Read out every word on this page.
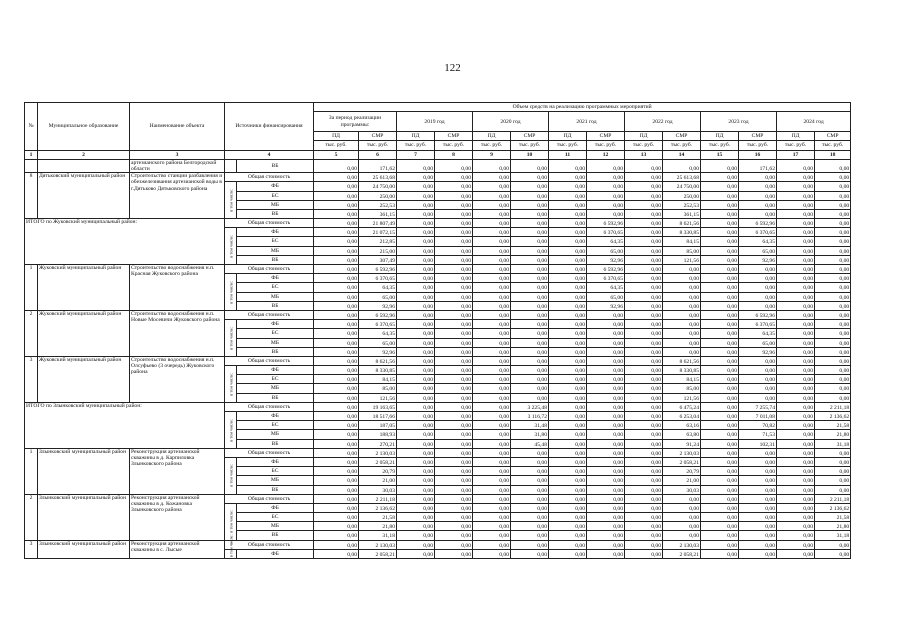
122
№	Муниципальное образование	Наименование объекта	Источники финансирования		Объем средств на реализацию программных мероприятий													
					За период реализации программы:		2019 год		2020 год		2021 год		2022 год		2023 год		2024 год	
					ПД	СМР	ПД	СМР	ПД	СМР	ПД	СМР	ПД	СМР	ПД	СМР	ПД	СМР
					тыс. руб.	тыс. руб.	тыс. руб.	тыс. руб.	тыс. руб.	тыс. руб.	тыс. руб.	тыс. руб.	тыс. руб.	тыс. руб.	тыс. руб.	тыс. руб.	тыс. руб.	тыс. руб.
1	2	3	4		5	6	7	8	9	10	11	12	13	14	15	16	17	18
		артезианского района Белгородской области		ВБ	0,00	171,62	0,00	0,00	0,00	0,00	0,00	0,00	0,00	0,00	0,00	171,62	0,00	0,00
8	Дятьковский муниципальный район	Строительство станции разбавления и обезжелезивания артезианской воды в г.Дятьково Дятьковского района	Общая стоимость		0,00	25 613,68	0,00	0,00	0,00	0,00	0,00	0,00	0,00	25 613,68	0,00	0,00	0,00	0,00
			в том числе:	ФБ	0,00	24 750,00	0,00	0,00	0,00	0,00	0,00	0,00	0,00	24 750,00	0,00	0,00	0,00	0,00
				БС	0,00	250,00	0,00	0,00	0,00	0,00	0,00	0,00	0,00	250,00	0,00	0,00	0,00	0,00
				МБ	0,00	252,53	0,00	0,00	0,00	0,00	0,00	0,00	0,00	252,53	0,00	0,00	0,00	0,00
				ВБ	0,00	361,15	0,00	0,00	0,00	0,00	0,00	0,00	0,00	361,15	0,00	0,00	0,00	0,00
ИТОГО по Жуковский муниципальный район:			Общая стоимость		0,00	21 807,49	0,00	0,00	0,00	0,00	0,00	6 592,96	0,00	8 621,56	0,00	6 592,96	0,00	0,00
			в том числе:	ФБ	0,00	21 072,15	0,00	0,00	0,00	0,00	0,00	6 370,65	0,00	8 330,85	0,00	6 370,65	0,00	0,00
				БС	0,00	212,85	0,00	0,00	0,00	0,00	0,00	64,35	0,00	84,15	0,00	64,35	0,00	0,00
				МБ	0,00	215,00	0,00	0,00	0,00	0,00	0,00	65,00	0,00	85,00	0,00	65,00	0,00	0,00
				ВБ	0,00	307,49	0,00	0,00	0,00	0,00	0,00	92,96	0,00	121,56	0,00	92,96	0,00	0,00
1	Жуковский муниципальный район	Строительство водоснабжения н.п. Красная Жуковского района	Общая стоимость		0,00	6 592,96	0,00	0,00	0,00	0,00	0,00	6 592,96	0,00	0,00	0,00	0,00	0,00	0,00
			в том числе:	ФБ	0,00	6 370,65	0,00	0,00	0,00	0,00	0,00	6 370,65	0,00	0,00	0,00	0,00	0,00	0,00
				БС	0,00	64,35	0,00	0,00	0,00	0,00	0,00	64,35	0,00	0,00	0,00	0,00	0,00	0,00
				МБ	0,00	65,00	0,00	0,00	0,00	0,00	0,00	65,00	0,00	0,00	0,00	0,00	0,00	0,00
				ВБ	0,00	92,96	0,00	0,00	0,00	0,00	0,00	92,96	0,00	0,00	0,00	0,00	0,00	0,00
2	Жуковский муниципальный район	Строительство водоснабжения н.п. Новые Мосевичи Жуковского района	Общая стоимость		0,00	6 592,96	0,00	0,00	0,00	0,00	0,00	0,00	0,00	0,00	0,00	6 592,96	0,00	0,00
			в том числе:	ФБ	0,00	6 370,65	0,00	0,00	0,00	0,00	0,00	0,00	0,00	0,00	0,00	6 370,65	0,00	0,00
				БС	0,00	64,35	0,00	0,00	0,00	0,00	0,00	0,00	0,00	0,00	0,00	64,35	0,00	0,00
				МБ	0,00	65,00	0,00	0,00	0,00	0,00	0,00	0,00	0,00	0,00	0,00	65,00	0,00	0,00
				ВБ	0,00	92,96	0,00	0,00	0,00	0,00	0,00	0,00	0,00	0,00	0,00	92,96	0,00	0,00
3	Жуковский муниципальный район	Строительство водоснабжения н.п. Олсуфьево (3 очередь) Жуковского района	Общая стоимость		0,00	8 621,56	0,00	0,00	0,00	0,00	0,00	0,00	0,00	8 621,56	0,00	0,00	0,00	0,00
			в том числе:	ФБ	0,00	8 330,85	0,00	0,00	0,00	0,00	0,00	0,00	0,00	8 330,85	0,00	0,00	0,00	0,00
				БС	0,00	84,15	0,00	0,00	0,00	0,00	0,00	0,00	0,00	84,15	0,00	0,00	0,00	0,00
				МБ	0,00	85,00	0,00	0,00	0,00	0,00	0,00	0,00	0,00	85,00	0,00	0,00	0,00	0,00
				ВБ	0,00	121,56	0,00	0,00	0,00	0,00	0,00	0,00	0,00	121,56	0,00	0,00	0,00	0,00
ИТОГО по Злынковский муниципальный район:			Общая стоимость		0,00	19 163,65	0,00	0,00	0,00	3 225,48	0,00	0,00	0,00	6 475,24	0,00	7 255,74	0,00	2 211,18
			в том числе:	ФБ	0,00	18 517,66	0,00	0,00	0,00	3 116,72	0,00	0,00	0,00	6 253,04	0,00	7 011,08	0,00	2 136,62
				БС	0,00	187,05	0,00	0,00	0,00	31,48	0,00	0,00	0,00	63,16	0,00	70,82	0,00	21,58
				МБ	0,00	188,93	0,00	0,00	0,00	31,80	0,00	0,00	0,00	63,80	0,00	71,53	0,00	21,80
				ВБ	0,00	270,21	0,00	0,00	0,00	45,48	0,00	0,00	0,00	91,24	0,00	102,31	0,00	31,18
1	Злынковский муниципальный район	Реконструкция артезианской скважины в д. Карпиловка Злынковского района	Общая стоимость		0,00	2 130,03	0,00	0,00	0,00	0,00	0,00	0,00	0,00	2 130,03	0,00	0,00	0,00	0,00
			в том числе:	ФБ	0,00	2 058,21	0,00	0,00	0,00	0,00	0,00	0,00	0,00	2 058,21	0,00	0,00	0,00	0,00
				БС	0,00	20,79	0,00	0,00	0,00	0,00	0,00	0,00	0,00	20,79	0,00	0,00	0,00	0,00
				МБ	0,00	21,00	0,00	0,00	0,00	0,00	0,00	0,00	0,00	21,00	0,00	0,00	0,00	0,00
				ВБ	0,00	30,03	0,00	0,00	0,00	0,00	0,00	0,00	0,00	30,03	0,00	0,00	0,00	0,00
2	Злынковский муниципальный район	Реконструкция артезианской скважины в д. Кожановка Злынковского района	Общая стоимость		0,00	2 211,18	0,00	0,00	0,00	0,00	0,00	0,00	0,00	0,00	0,00	0,00	0,00	2 211,18
			в том числе:	ФБ	0,00	2 136,62	0,00	0,00	0,00	0,00	0,00	0,00	0,00	0,00	0,00	0,00	0,00	2 136,62
				БС	0,00	21,58	0,00	0,00	0,00	0,00	0,00	0,00	0,00	0,00	0,00	0,00	0,00	21,58
				МБ	0,00	21,80	0,00	0,00	0,00	0,00	0,00	0,00	0,00	0,00	0,00	0,00	0,00	21,80
				ВБ	0,00	31,18	0,00	0,00	0,00	0,00	0,00	0,00	0,00	0,00	0,00	0,00	0,00	31,18
3	Злынковский муниципальный район	Реконструкция артезианской скважины в с. Лысые	Общая стоимость		0,00	2 130,03	0,00	0,00	0,00	0,00	0,00	0,00	0,00	2 130,03	0,00	0,00	0,00	0,00
			в том числе:	ФБ	0,00	2 058,21	0,00	0,00	0,00	0,00	0,00	0,00	0,00	2 058,21	0,00	0,00	0,00	0,00
